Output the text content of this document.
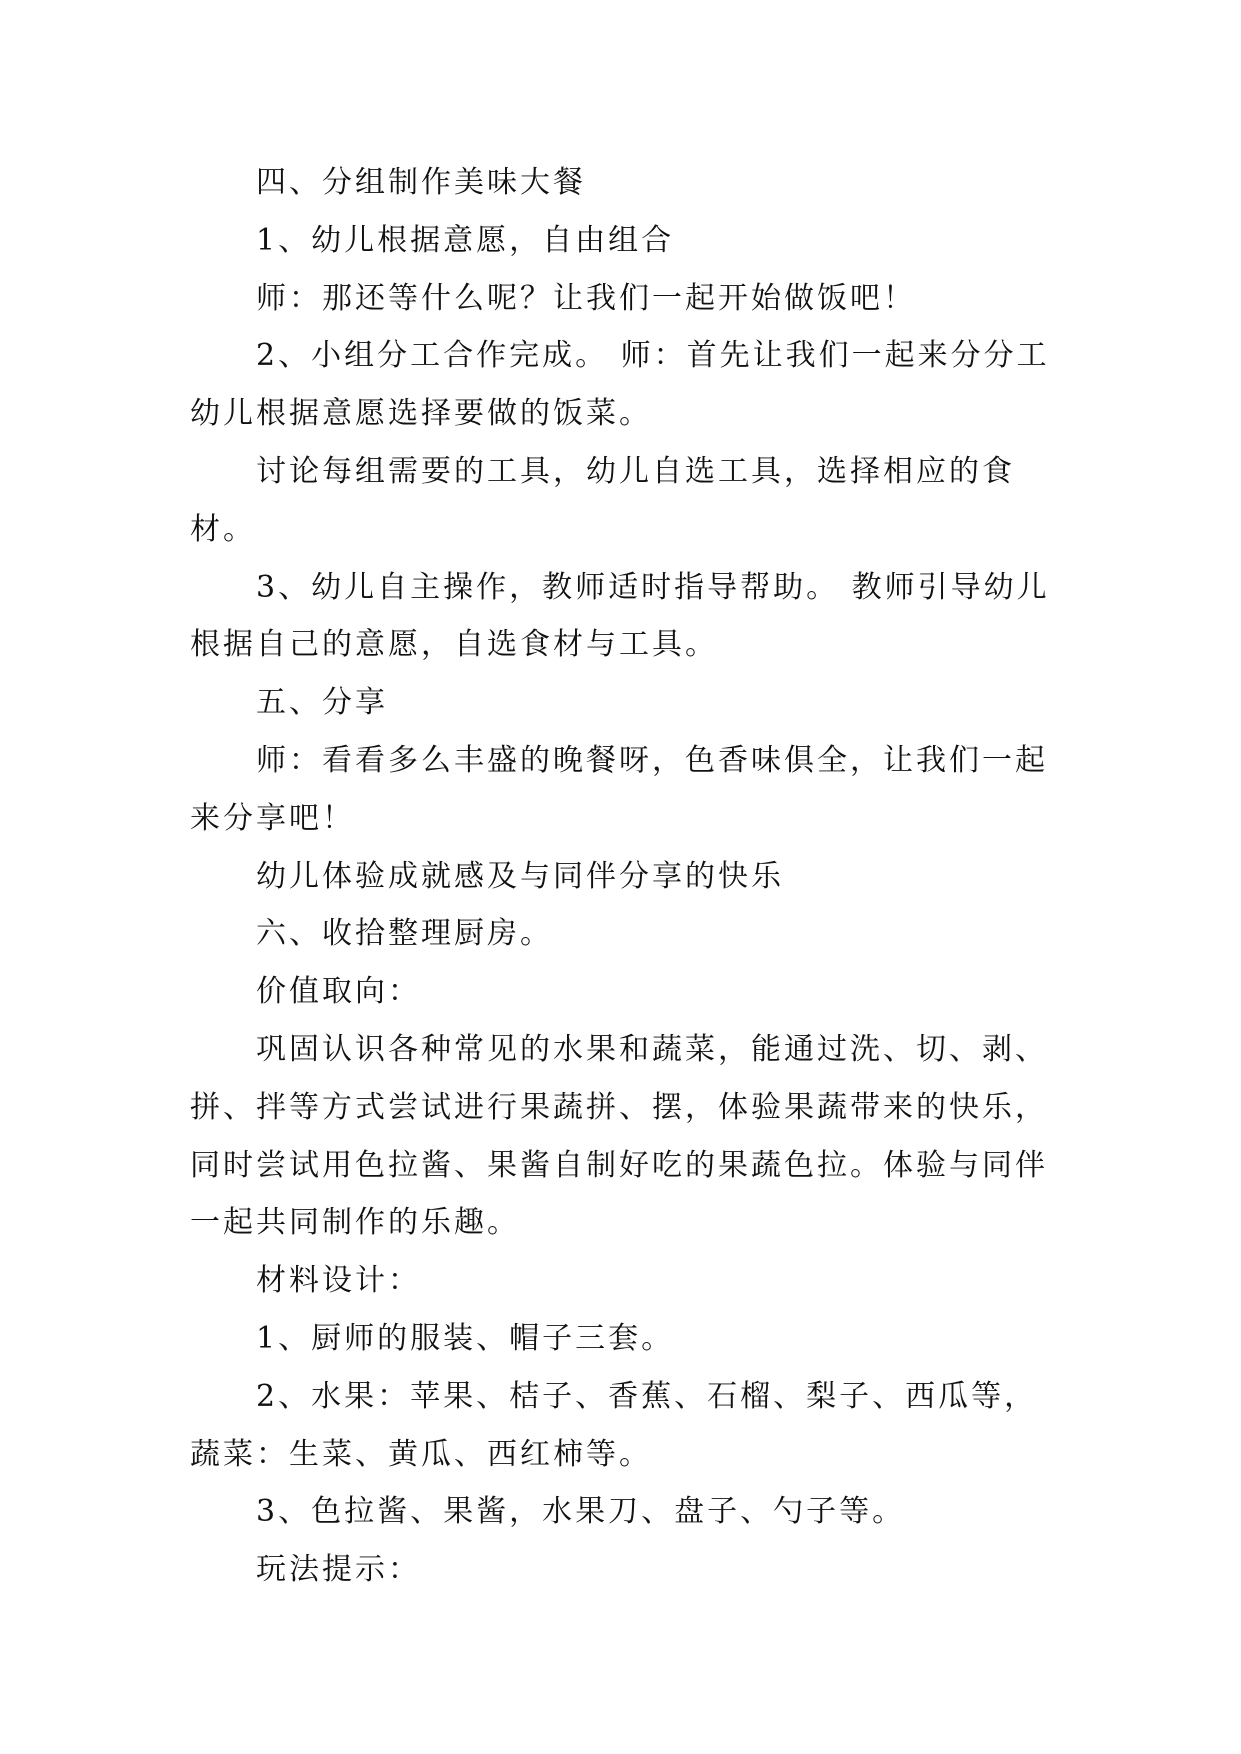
四、分组制作美味大餐

1、幼儿根据意愿，自由组合

师：那还等什么呢？让我们一起开始做饭吧！

2、小组分工合作完成。 师：首先让我们一起来分分工幼儿根据意愿选择要做的饭菜。

讨论每组需要的工具，幼儿自选工具，选择相应的食材。

3、幼儿自主操作，教师适时指导帮助。 教师引导幼儿根据自己的意愿，自选食材与工具。

五、分享

师：看看多么丰盛的晚餐呀，色香味俱全，让我们一起来分享吧！

幼儿体验成就感及与同伴分享的快乐

六、收拾整理厨房。

价值取向：

巩固认识各种常见的水果和蔬菜，能通过洗、切、剥、拼、拌等方式尝试进行果蔬拼、摆，体验果蔬带来的快乐，同时尝试用色拉酱、果酱自制好吃的果蔬色拉。体验与同伴一起共同制作的乐趣。

材料设计：

1、厨师的服装、帽子三套。

2、水果：苹果、桔子、香蕉、石榴、梨子、西瓜等，蔬菜：生菜、黄瓜、西红柿等。

3、色拉酱、果酱，水果刀、盘子、勺子等。

玩法提示：
